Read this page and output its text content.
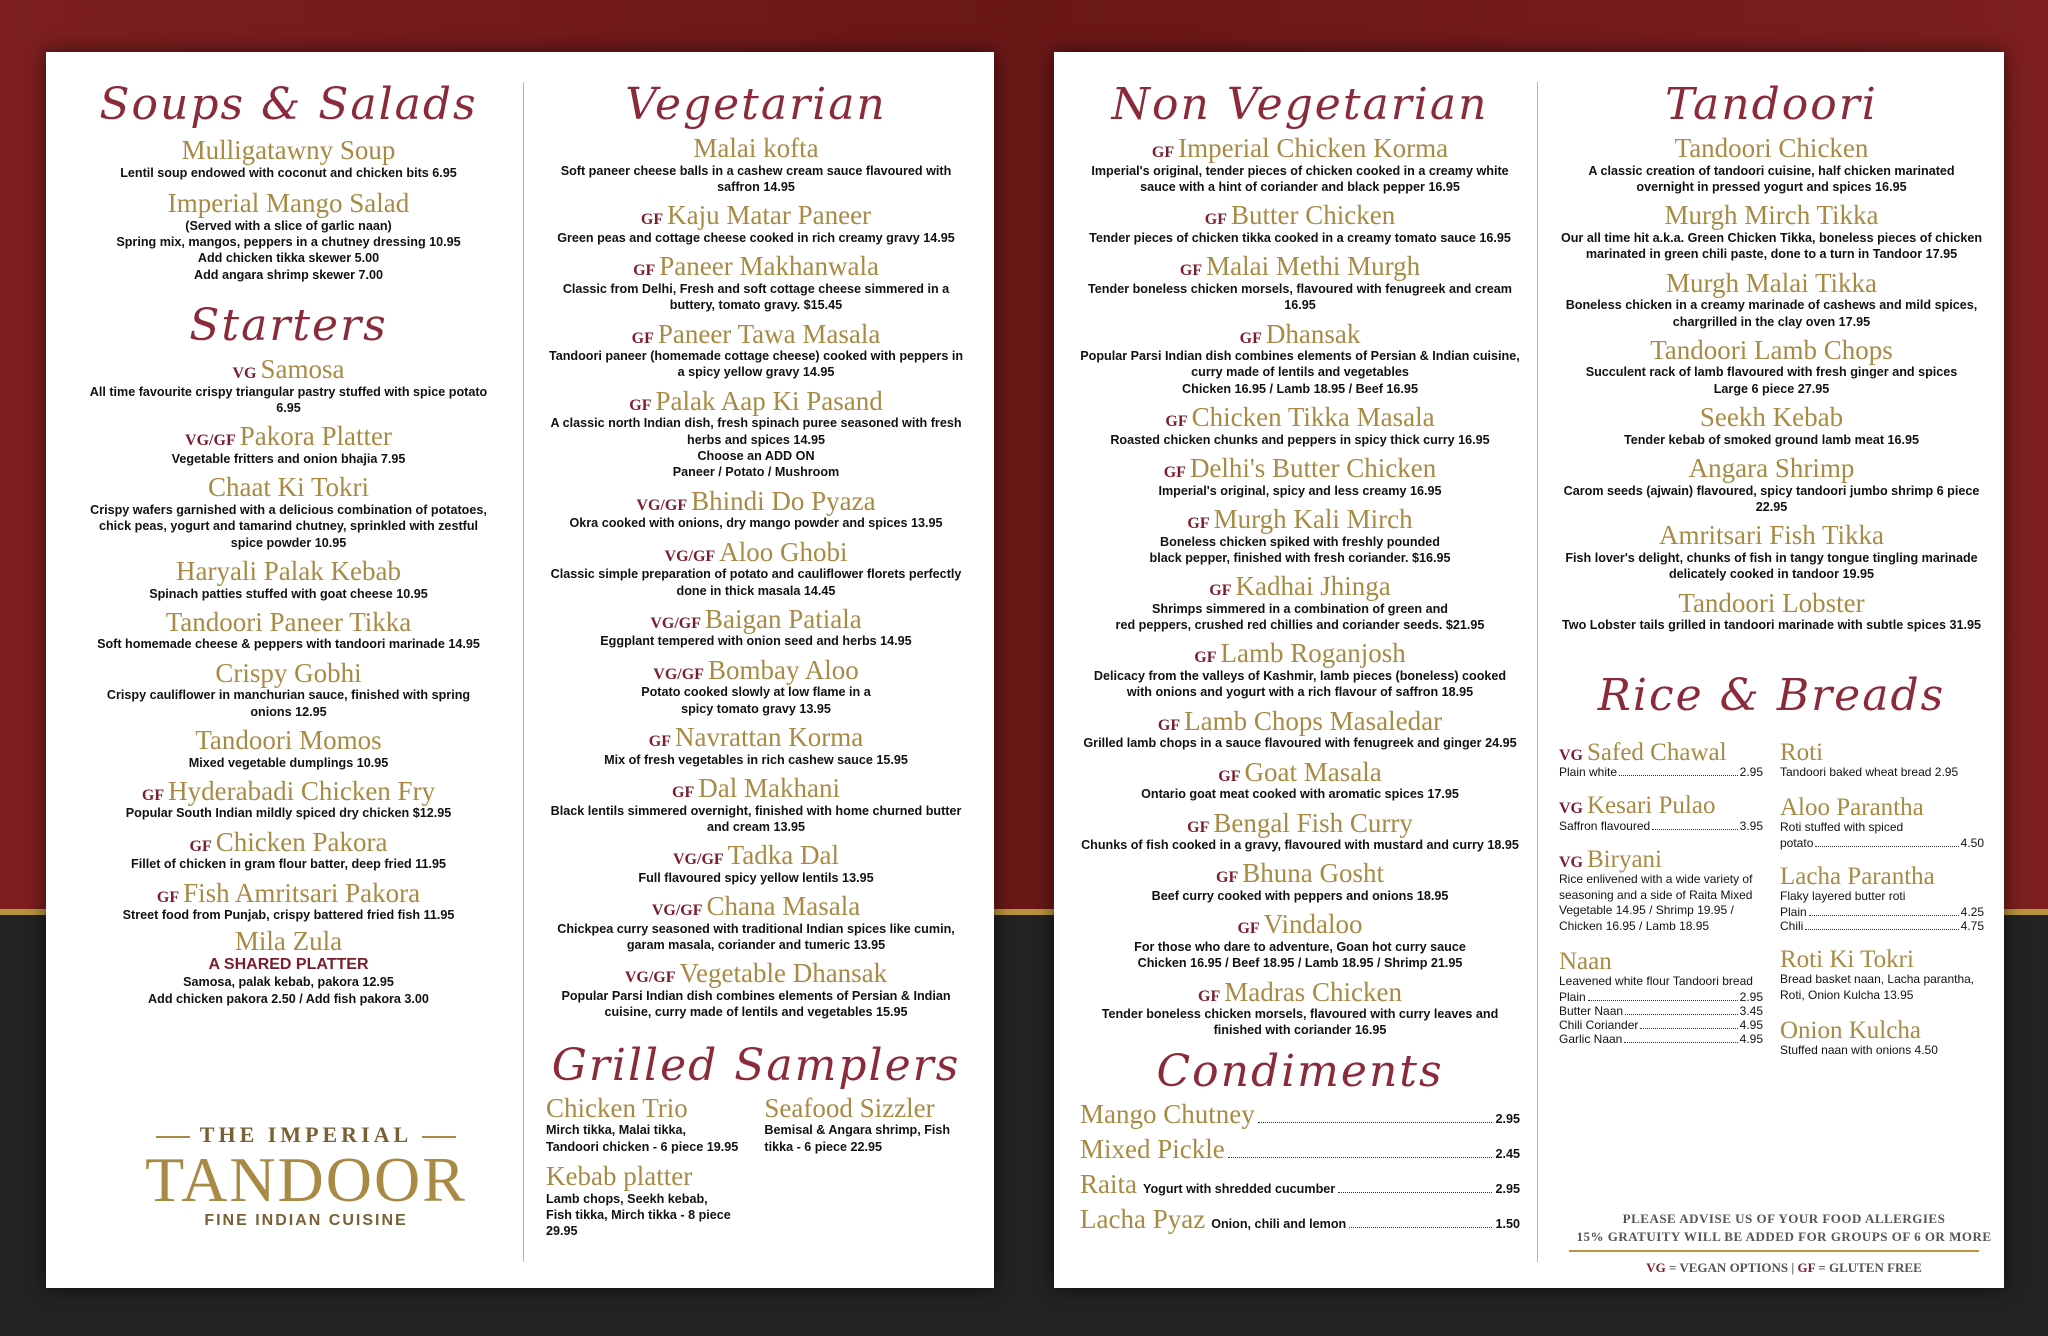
Soups & Salads
Mulligatawny Soup
Lentil soup endowed with coconut and chicken bits 6.95
Imperial Mango Salad
(Served with a slice of garlic naan)
Spring mix, mangos, peppers in a chutney dressing 10.95
Add chicken tikka skewer 5.00
Add angara shrimp skewer 7.00
Starters
VG Samosa
All time favourite crispy triangular pastry stuffed with spice potato 6.95
VG/GF Pakora Platter
Vegetable fritters and onion bhajia 7.95
Chaat Ki Tokri
Crispy wafers garnished with a delicious combination of potatoes, chick peas, yogurt and tamarind chutney, sprinkled with zestful
spice powder 10.95
Haryali Palak Kebab
Spinach patties stuffed with goat cheese 10.95
Tandoori Paneer Tikka
Soft homemade cheese & peppers with tandoori marinade 14.95
Crispy Gobhi
Crispy cauliflower in manchurian sauce, finished with spring onions 12.95
Tandoori Momos
Mixed vegetable dumplings 10.95
GF Hyderabadi Chicken Fry
Popular South Indian mildly spiced dry chicken $12.95
GF Chicken Pakora
Fillet of chicken in gram flour batter, deep fried 11.95
GF Fish Amritsari Pakora
Street food from Punjab, crispy battered fried fish 11.95
Mila Zula
A SHARED PLATTER
Samosa, palak kebab, pakora 12.95
Add chicken pakora 2.50 / Add fish pakora 3.00
THE IMPERIAL
TANDOOR
FINE INDIAN CUISINE
Vegetarian
Malai kofta
Soft paneer cheese balls in a cashew cream sauce flavoured with saffron 14.95
GF Kaju Matar Paneer
Green peas and cottage cheese cooked in rich creamy gravy 14.95
GF Paneer Makhanwala
Classic from Delhi, Fresh and soft cottage cheese simmered in a buttery, tomato gravy. $15.45
GF Paneer Tawa Masala
Tandoori paneer (homemade cottage cheese) cooked with peppers in a spicy yellow gravy 14.95
GF Palak Aap Ki Pasand
A classic north Indian dish, fresh spinach puree seasoned with fresh herbs and spices 14.95
Choose an ADD ON
Paneer / Potato / Mushroom
VG/GF Bhindi Do Pyaza
Okra cooked with onions, dry mango powder and spices 13.95
VG/GF Aloo Ghobi
Classic simple preparation of potato and cauliflower florets perfectly done in thick masala 14.45
VG/GF Baigan Patiala
Eggplant tempered with onion seed and herbs 14.95
VG/GF Bombay Aloo
Potato cooked slowly at low flame in a
spicy tomato gravy 13.95
GF Navrattan Korma
Mix of fresh vegetables in rich cashew sauce 15.95
GF Dal Makhani
Black lentils simmered overnight, finished with home churned butter and cream 13.95
VG/GF Tadka Dal
Full flavoured spicy yellow lentils 13.95
VG/GF Chana Masala
Chickpea curry seasoned with traditional Indian spices like cumin, garam masala, coriander and tumeric 13.95
VG/GF Vegetable Dhansak
Popular Parsi Indian dish combines elements of Persian & Indian cuisine, curry made of lentils and vegetables 15.95
Grilled Samplers
Chicken Trio
Mirch tikka, Malai tikka,
Tandoori chicken - 6 piece 19.95
Seafood Sizzler
Bemisal & Angara shrimp, Fish tikka - 6 piece 22.95
Kebab platter
Lamb chops, Seekh kebab,
Fish tikka, Mirch tikka - 8 piece 29.95
Non Vegetarian
GF Imperial Chicken Korma
Imperial's original, tender pieces of chicken cooked in a creamy white sauce with a hint of coriander and black pepper 16.95
GF Butter Chicken
Tender pieces of chicken tikka cooked in a creamy tomato sauce 16.95
GF Malai Methi Murgh
Tender boneless chicken morsels, flavoured with fenugreek and cream 16.95
GF Dhansak
Popular Parsi Indian dish combines elements of Persian & Indian cuisine, curry made of lentils and vegetables
Chicken 16.95 / Lamb 18.95 / Beef 16.95
GF Chicken Tikka Masala
Roasted chicken chunks and peppers in spicy thick curry 16.95
GF Delhi's Butter Chicken
Imperial's original, spicy and less creamy 16.95
GF Murgh Kali Mirch
Boneless chicken spiked with freshly pounded
black pepper, finished with fresh coriander. $16.95
GF Kadhai Jhinga
Shrimps simmered in a combination of green and
red peppers, crushed red chillies and coriander seeds. $21.95
GF Lamb Roganjosh
Delicacy from the valleys of Kashmir, lamb pieces (boneless) cooked with onions and yogurt with a rich flavour of saffron 18.95
GF Lamb Chops Masaledar
Grilled lamb chops in a sauce flavoured with fenugreek and ginger 24.95
GF Goat Masala
Ontario goat meat cooked with aromatic spices 17.95
GF Bengal Fish Curry
Chunks of fish cooked in a gravy, flavoured with mustard and curry 18.95
GF Bhuna Gosht
Beef curry cooked with peppers and onions 18.95
GF Vindaloo
For those who dare to adventure, Goan hot curry sauce
Chicken 16.95 / Beef 18.95 / Lamb 18.95 / Shrimp 21.95
GF Madras Chicken
Tender boneless chicken morsels, flavoured with curry leaves and finished with coriander 16.95
Condiments
Mango Chutney	2.95
Mixed Pickle	2.45
Raita Yogurt with shredded cucumber	2.95
Lacha Pyaz Onion, chili and lemon	1.50
Tandoori
Tandoori Chicken
A classic creation of tandoori cuisine, half chicken marinated overnight in pressed yogurt and spices 16.95
Murgh Mirch Tikka
Our all time hit a.k.a. Green Chicken Tikka, boneless pieces of chicken marinated in green chili paste, done to a turn in Tandoor 17.95
Murgh Malai Tikka
Boneless chicken in a creamy marinade of cashews and mild spices, chargrilled in the clay oven 17.95
Tandoori Lamb Chops
Succulent rack of lamb flavoured with fresh ginger and spices
Large 6 piece 27.95
Seekh Kebab
Tender kebab of smoked ground lamb meat 16.95
Angara Shrimp
Carom seeds (ajwain) flavoured, spicy tandoori jumbo shrimp 6 piece 22.95
Amritsari Fish Tikka
Fish lover's delight, chunks of fish in tangy tongue tingling marinade delicately cooked in tandoor 19.95
Tandoori Lobster
Two Lobster tails grilled in tandoori marinade with subtle spices 31.95
Rice & Breads
VG Safed Chawal
Plain white	2.95
VG Kesari Pulao
Saffron flavoured	3.95
VG Biryani
Rice enlivened with a wide variety of seasoning and a side of Raita Mixed Vegetable 14.95 / Shrimp 19.95 / Chicken 16.95 / Lamb 18.95
Naan
Leavened white flour Tandoori bread
Plain	2.95
Butter Naan	3.45
Chili Coriander	4.95
Garlic Naan	4.95
Roti
Tandoori baked wheat bread 2.95
Aloo Parantha
Roti stuffed with spiced
potato	4.50
Lacha Parantha
Flaky layered butter roti
Plain	4.25
Chili	4.75
Roti Ki Tokri
Bread basket naan, Lacha parantha, Roti, Onion Kulcha 13.95
Onion Kulcha
Stuffed naan with onions 4.50
PLEASE ADVISE US OF YOUR FOOD ALLERGIES
15% GRATUITY WILL BE ADDED FOR GROUPS OF 6 OR MORE
VG = VEGAN OPTIONS | GF = GLUTEN FREE
